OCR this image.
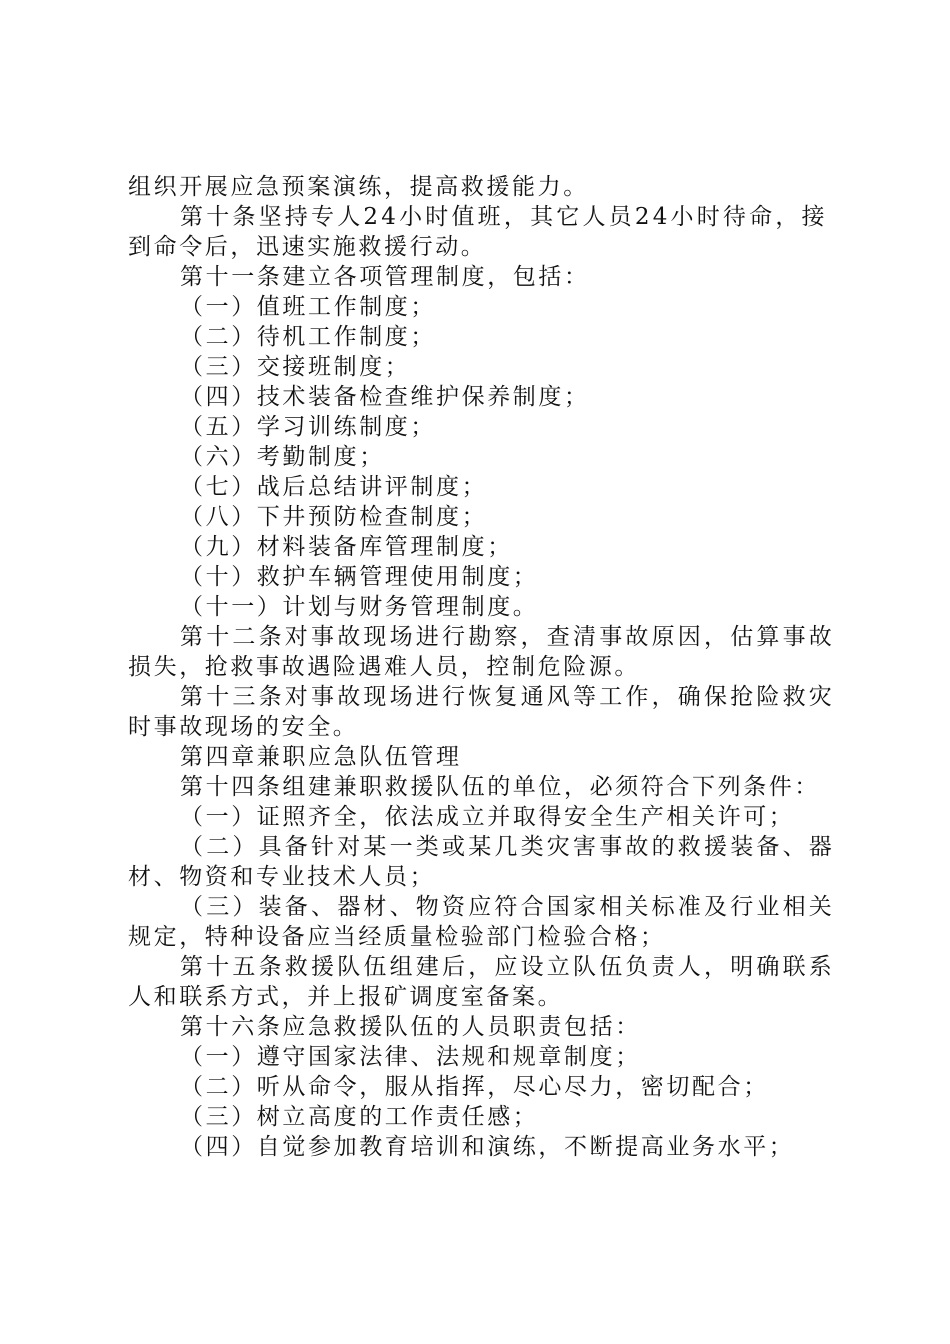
组织开展应急预案演练，提高救援能力。
第十条坚持专人24小时值班，其它人员24小时待命，接
到命令后，迅速实施救援行动。
第十一条建立各项管理制度，包括：
（一）值班工作制度；
（二）待机工作制度；
（三）交接班制度；
（四）技术装备检查维护保养制度；
（五）学习训练制度；
（六）考勤制度；
（七）战后总结讲评制度；
（八）下井预防检查制度；
（九）材料装备库管理制度；
（十）救护车辆管理使用制度；
（十一）计划与财务管理制度。
第十二条对事故现场进行勘察，查清事故原因，估算事故
损失，抢救事故遇险遇难人员，控制危险源。
第十三条对事故现场进行恢复通风等工作，确保抢险救灾
时事故现场的安全。
第四章兼职应急队伍管理
第十四条组建兼职救援队伍的单位，必须符合下列条件：
（一）证照齐全，依法成立并取得安全生产相关许可；
（二）具备针对某一类或某几类灾害事故的救援装备、器
材、物资和专业技术人员；
（三）装备、器材、物资应符合国家相关标准及行业相关
规定，特种设备应当经质量检验部门检验合格；
第十五条救援队伍组建后，应设立队伍负责人，明确联系
人和联系方式，并上报矿调度室备案。
第十六条应急救援队伍的人员职责包括：
（一）遵守国家法律、法规和规章制度；
（二）听从命令，服从指挥，尽心尽力，密切配合；
（三）树立高度的工作责任感；
（四）自觉参加教育培训和演练，不断提高业务水平；
